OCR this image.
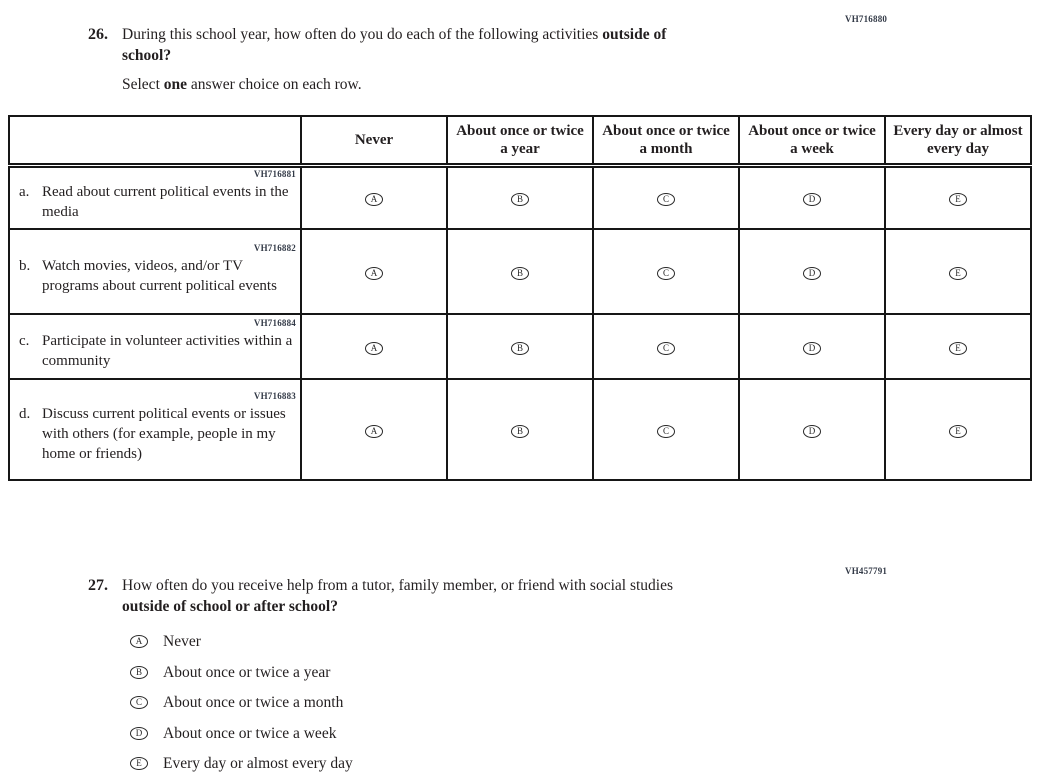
VH716880
26. During this school year, how often do you do each of the following activities outside of
school?
Select one answer choice on each row.
	Never	About once or twice a year	About once or twice a month	About once or twice a week	Every day or almost every day

VH716881
a. Read about current political events in the media	A	B	C	D	E

VH716882
b. Watch movies, videos, and/or TV programs about current political events	A	B	C	D	E

VH716884
c. Participate in volunteer activities within a community	A	B	C	D	E

VH716883
d. Discuss current political events or issues with others (for example, people in my home or friends)	A	B	C	D	E
VH457791
27. How often do you receive help from a tutor, family member, or friend with social studies
outside of school or after school?
A	Never
B	About once or twice a year
C	About once or twice a month
D	About once or twice a week
E	Every day or almost every day
